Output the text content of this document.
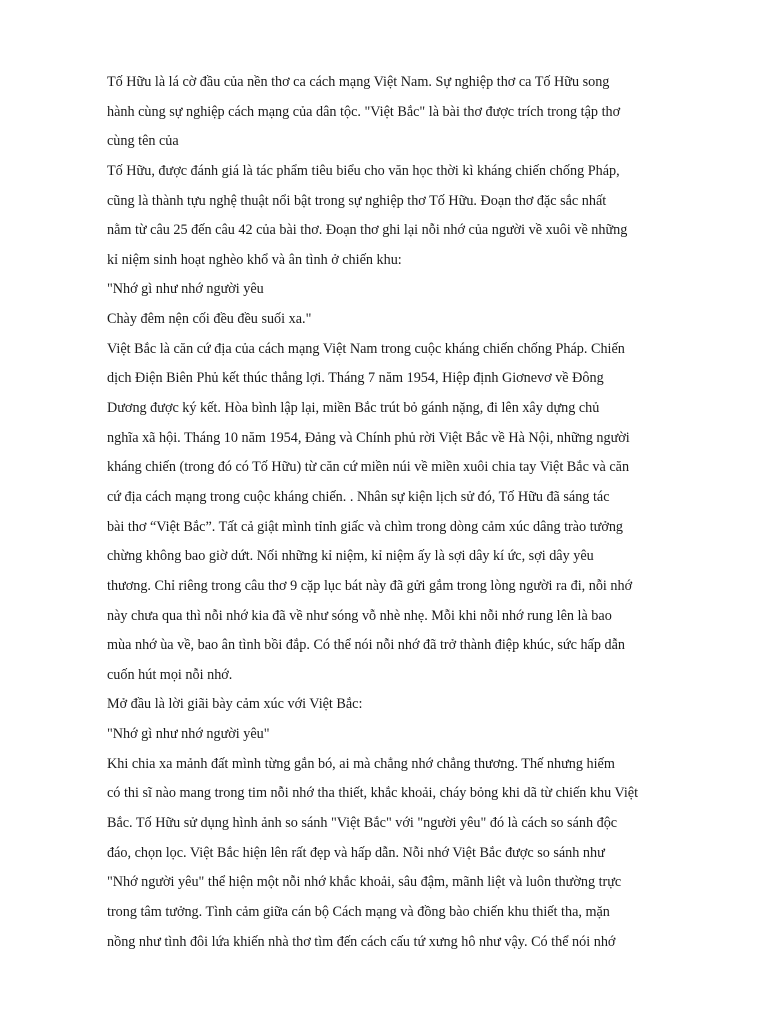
Tố Hữu là lá cờ đầu của nền thơ ca cách mạng Việt Nam. Sự nghiệp thơ ca Tố Hữu song
hành cùng sự nghiệp cách mạng của dân tộc. "Việt Bắc" là bài thơ được trích trong tập thơ
cùng tên của
Tố Hữu, được đánh giá là tác phẩm tiêu biểu cho văn học thời kì kháng chiến chống Pháp,
cũng là thành tựu nghệ thuật nổi bật trong sự nghiệp thơ Tố Hữu. Đoạn thơ đặc sắc nhất
nằm từ câu 25 đến câu 42 của bài thơ. Đoạn thơ ghi lại nỗi nhớ của người về xuôi về những
kỉ niệm sinh hoạt nghèo khổ và ân tình ở chiến khu:
"Nhớ gì như nhớ người yêu
Chày đêm nện cối đều đều suối xa."
Việt Bắc là căn cứ địa của cách mạng Việt Nam trong cuộc kháng chiến chống Pháp. Chiến
dịch Điện Biên Phủ kết thúc thắng lợi. Tháng 7 năm 1954, Hiệp định Giơnevơ về Đông
Dương được ký kết. Hòa bình lập lại, miền Bắc trút bỏ gánh nặng, đi lên xây dựng chủ
nghĩa xã hội. Tháng 10 năm 1954, Đảng và Chính phủ rời Việt Bắc về Hà Nội, những người
kháng chiến (trong đó có Tố Hữu) từ căn cứ miền núi về miền xuôi chia tay Việt Bắc và căn
cứ địa cách mạng trong cuộc kháng chiến. . Nhân sự kiện lịch sử đó, Tố Hữu đã sáng tác
bài thơ “Việt Bắc”. Tất cả giật mình tỉnh giấc và chìm trong dòng cảm xúc dâng trào tưởng
chừng không bao giờ dứt. Nối những kỉ niệm, kỉ niệm ấy là sợi dây kí ức, sợi dây yêu
thương. Chỉ riêng trong câu thơ 9 cặp lục bát này đã gửi gắm trong lòng người ra đi, nỗi nhớ
này chưa qua thì nỗi nhớ kia đã về như sóng vỗ nhè nhẹ. Mỗi khi nỗi nhớ rung lên là bao
mùa nhớ ùa về, bao ân tình bồi đắp. Có thể nói nỗi nhớ đã trở thành điệp khúc, sức hấp dẫn
cuốn hút mọi nỗi nhớ.
Mở đầu là lời giãi bày cảm xúc với Việt Bắc:
"Nhớ gì như nhớ người yêu"
Khi chia xa mảnh đất mình từng gắn bó, ai mà chẳng nhớ chẳng thương. Thế nhưng hiếm
có thi sĩ nào mang trong tim nỗi nhớ tha thiết, khắc khoải, cháy bỏng khi dã từ chiến khu Việt
Bắc. Tố Hữu sử dụng hình ảnh so sánh "Việt Bắc" với "người yêu" đó là cách so sánh độc
đáo, chọn lọc. Việt Bắc hiện lên rất đẹp và hấp dẫn. Nỗi nhớ Việt Bắc được so sánh như
"Nhớ người yêu" thể hiện một nỗi nhớ khắc khoải, sâu đậm, mãnh liệt và luôn thường trực
trong tâm tưởng. Tình cảm giữa cán bộ Cách mạng và đồng bào chiến khu thiết tha, mặn
nồng như tình đôi lứa khiến nhà thơ tìm đến cách cấu tứ xưng hô như vậy. Có thể nói nhớ
